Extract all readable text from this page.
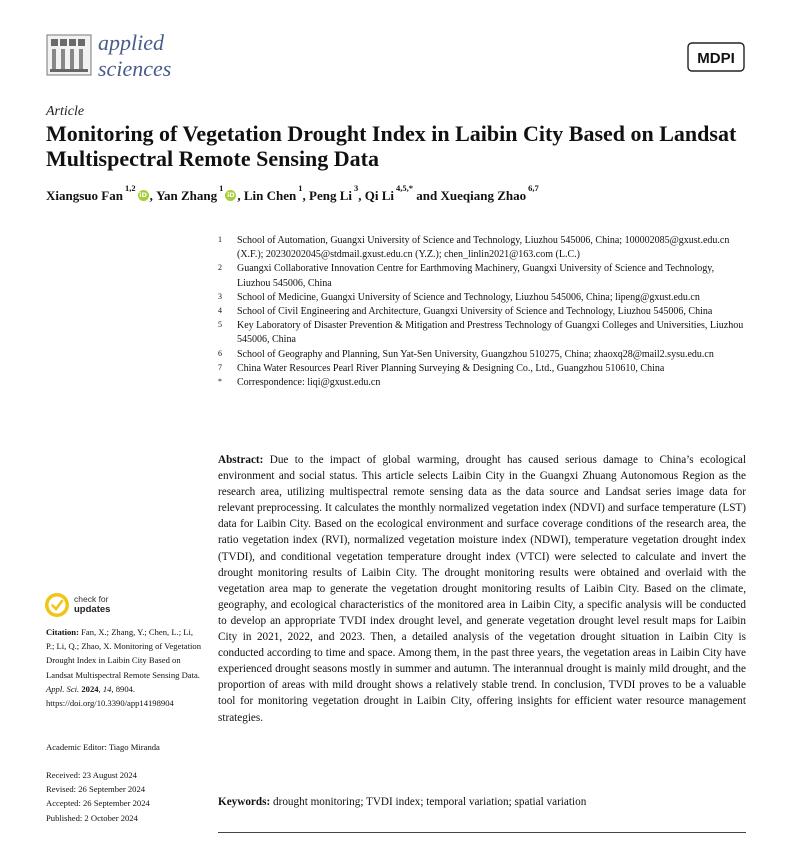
applied
sciences	MDPI
Article
Monitoring of Vegetation Drought Index in Laibin City Based on Landsat Multispectral Remote Sensing Data
Xiangsuo Fan 1,2
iD , Yan Zhang 1
iD , Lin Chen 1 , Peng Li 3 , Qi Li 4,5,* and Xueqiang Zhao 6,7
1 School of Automation, Guangxi University of Science and Technology, Liuzhou 545006, China; 100002085@gxust.edu.cn (X.F.); 20230202045@stdmail.gxust.edu.cn (Y.Z.); chen_linlin2021@163.com (L.C.)
2 Guangxi Collaborative Innovation Centre for Earthmoving Machinery, Guangxi University of Science and Technology, Liuzhou 545006, China
3 School of Medicine, Guangxi University of Science and Technology, Liuzhou 545006, China; lipeng@gxust.edu.cn
4 School of Civil Engineering and Architecture, Guangxi University of Science and Technology, Liuzhou 545006, China
5 Key Laboratory of Disaster Prevention & Mitigation and Prestress Technology of Guangxi Colleges and Universities, Liuzhou 545006, China
6 School of Geography and Planning, Sun Yat-Sen University, Guangzhou 510275, China; zhaoxq28@mail2.sysu.edu.cn
7 China Water Resources Pearl River Planning Surveying & Designing Co., Ltd., Guangzhou 510610, China
* Correspondence: liqi@gxust.edu.cn
check for
updates
Citation: Fan, X.; Zhang, Y.; Chen, L.; Li, P.; Li, Q.; Zhao, X. Monitoring of Vegetation Drought Index in Laibin City Based on Landsat Multispectral Remote Sensing Data. Appl. Sci. 2024, 14, 8904. https://doi.org/10.3390/app14198904
Academic Editor: Tiago Miranda
Received: 23 August 2024
Revised: 26 September 2024
Accepted: 26 September 2024
Published: 2 October 2024
Abstract: Due to the impact of global warming, drought has caused serious damage to China’s ecological environment and social status. This article selects Laibin City in the Guangxi Zhuang Autonomous Region as the research area, utilizing multispectral remote sensing data as the data source and Landsat series image data for relevant preprocessing. It calculates the monthly normalized vegetation index (NDVI) and surface temperature (LST) data for Laibin City. Based on the ecological environment and surface coverage conditions of the research area, the ratio vegetation index (RVI), normalized vegetation moisture index (NDWI), temperature vegetation drought index (TVDI), and conditional vegetation temperature drought index (VTCI) were selected to calculate and invert the drought monitoring results of Laibin City. The drought monitoring results were obtained and overlaid with the vegetation area map to generate the vegetation drought monitoring results of Laibin City. Based on the climate, geography, and ecological characteristics of the monitored area in Laibin City, a specific analysis will be conducted to develop an appropriate TVDI index drought level, and generate vegetation drought level result maps for Laibin City in 2021, 2022, and 2023. Then, a detailed analysis of the vegetation drought situation in Laibin City is conducted according to time and space. Among them, in the past three years, the vegetation areas in Laibin City have experienced drought seasons mostly in summer and autumn. The interannual drought is mainly mild drought, and the proportion of areas with mild drought shows a relatively stable trend. In conclusion, TVDI proves to be a valuable tool for monitoring vegetation drought in Laibin City, offering insights for efficient water resource management strategies.
Keywords: drought monitoring; TVDI index; temporal variation; spatial variation
